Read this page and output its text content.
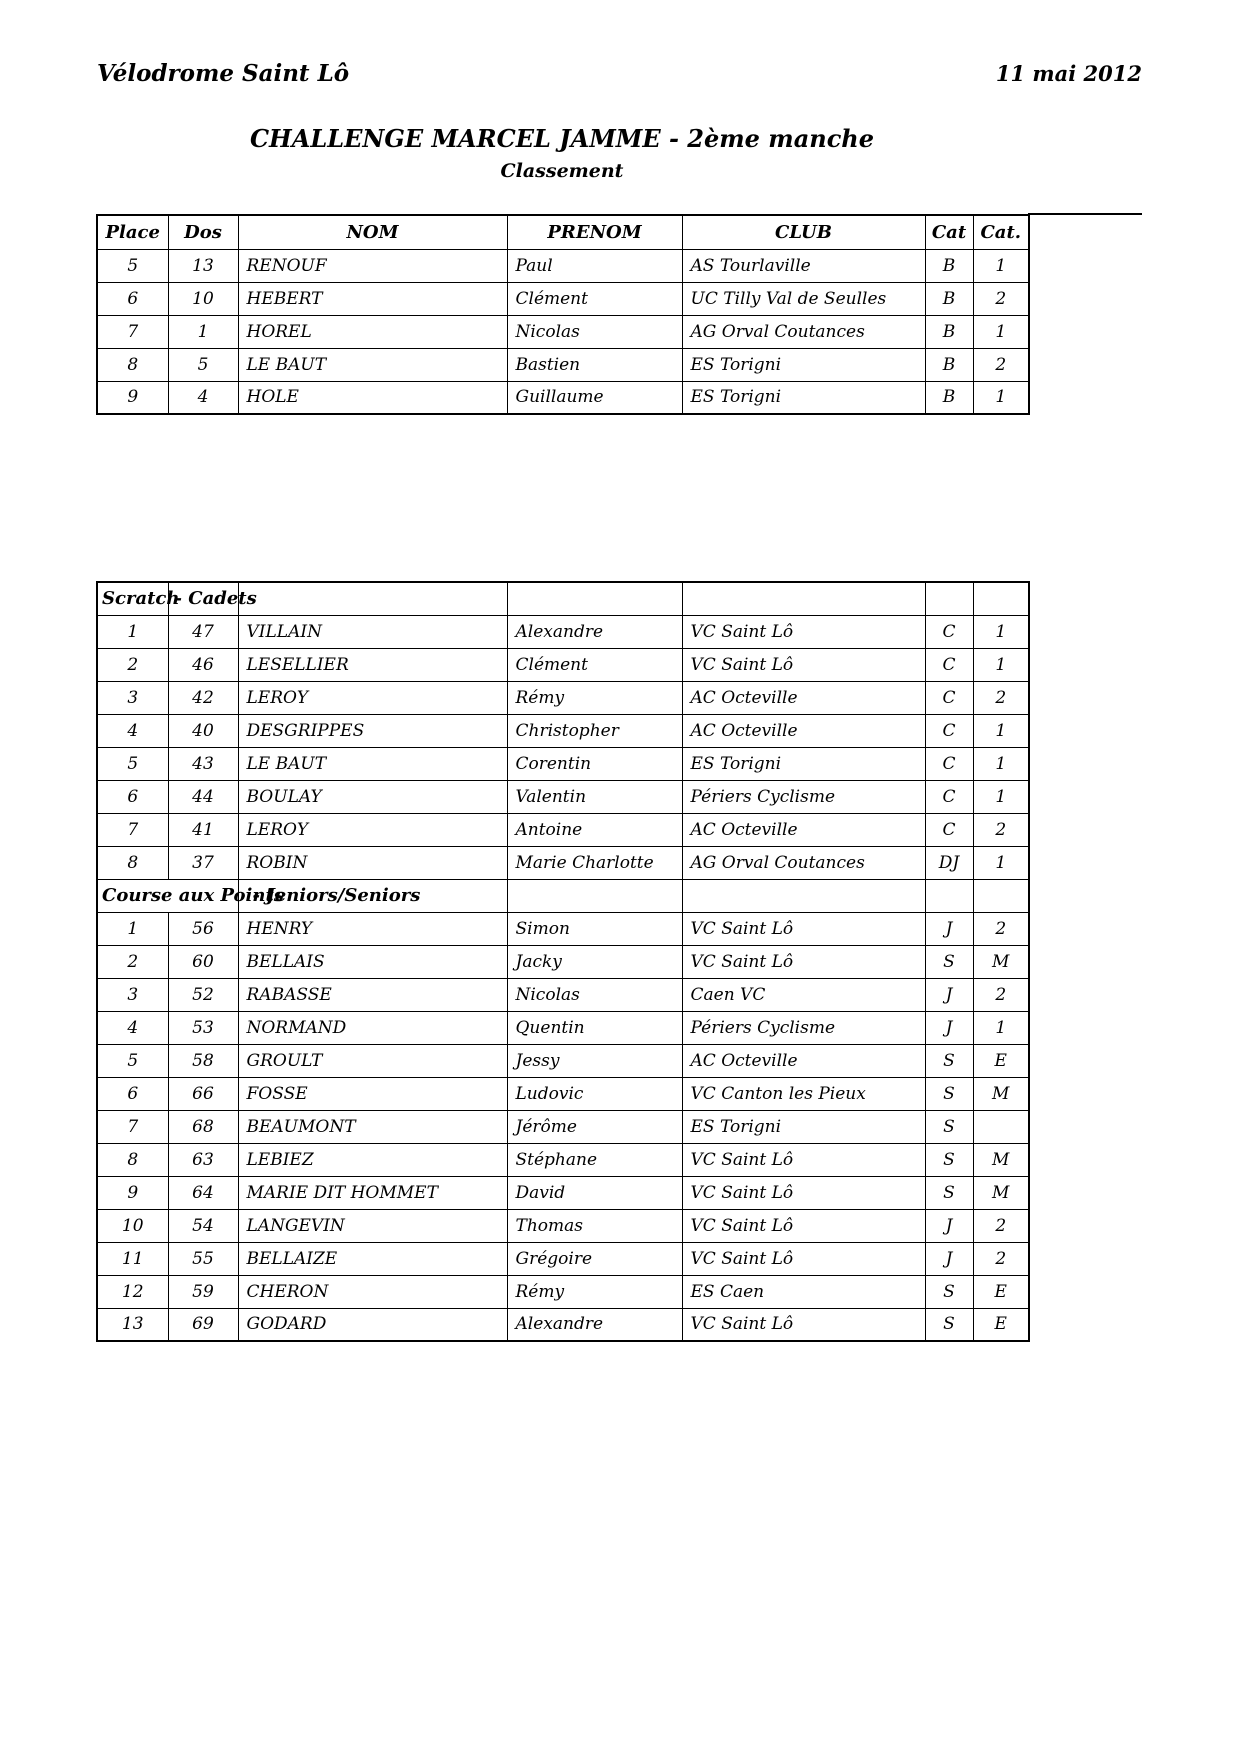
Vélodrome Saint Lô	11 mai 2012
CHALLENGE MARCEL JAMME - 2ème manche
Classement
Place	Dos	NOM	PRENOM	CLUB	Cat	Cat.
5	13	RENOUF	Paul	AS Tourlaville	B	1
6	10	HEBERT	Clément	UC Tilly Val de Seulles	B	2
7	1	HOREL	Nicolas	AG Orval Coutances	B	1
8	5	LE BAUT	Bastien	ES Torigni	B	2
9	4	HOLE	Guillaume	ES Torigni	B	1
Scratch	- Cadets					
1	47	VILLAIN	Alexandre	VC Saint Lô	C	1
2	46	LESELLIER	Clément	VC Saint Lô	C	1
3	42	LEROY	Rémy	AC Octeville	C	2
4	40	DESGRIPPES	Christopher	AC Octeville	C	1
5	43	LE BAUT	Corentin	ES Torigni	C	1
6	44	BOULAY	Valentin	Périers Cyclisme	C	1
7	41	LEROY	Antoine	AC Octeville	C	2
8	37	ROBIN	Marie Charlotte	AG Orval Coutances	DJ	1
Course aux Points		- Jeniors/Seniors				
1	56	HENRY	Simon	VC Saint Lô	J	2
2	60	BELLAIS	Jacky	VC Saint Lô	S	M
3	52	RABASSE	Nicolas	Caen VC	J	2
4	53	NORMAND	Quentin	Périers Cyclisme	J	1
5	58	GROULT	Jessy	AC Octeville	S	E
6	66	FOSSE	Ludovic	VC Canton les Pieux	S	M
7	68	BEAUMONT	Jérôme	ES Torigni	S	
8	63	LEBIEZ	Stéphane	VC Saint Lô	S	M
9	64	MARIE DIT HOMMET	David	VC Saint Lô	S	M
10	54	LANGEVIN	Thomas	VC Saint Lô	J	2
11	55	BELLAIZE	Grégoire	VC Saint Lô	J	2
12	59	CHERON	Rémy	ES Caen	S	E
13	69	GODARD	Alexandre	VC Saint Lô	S	E
